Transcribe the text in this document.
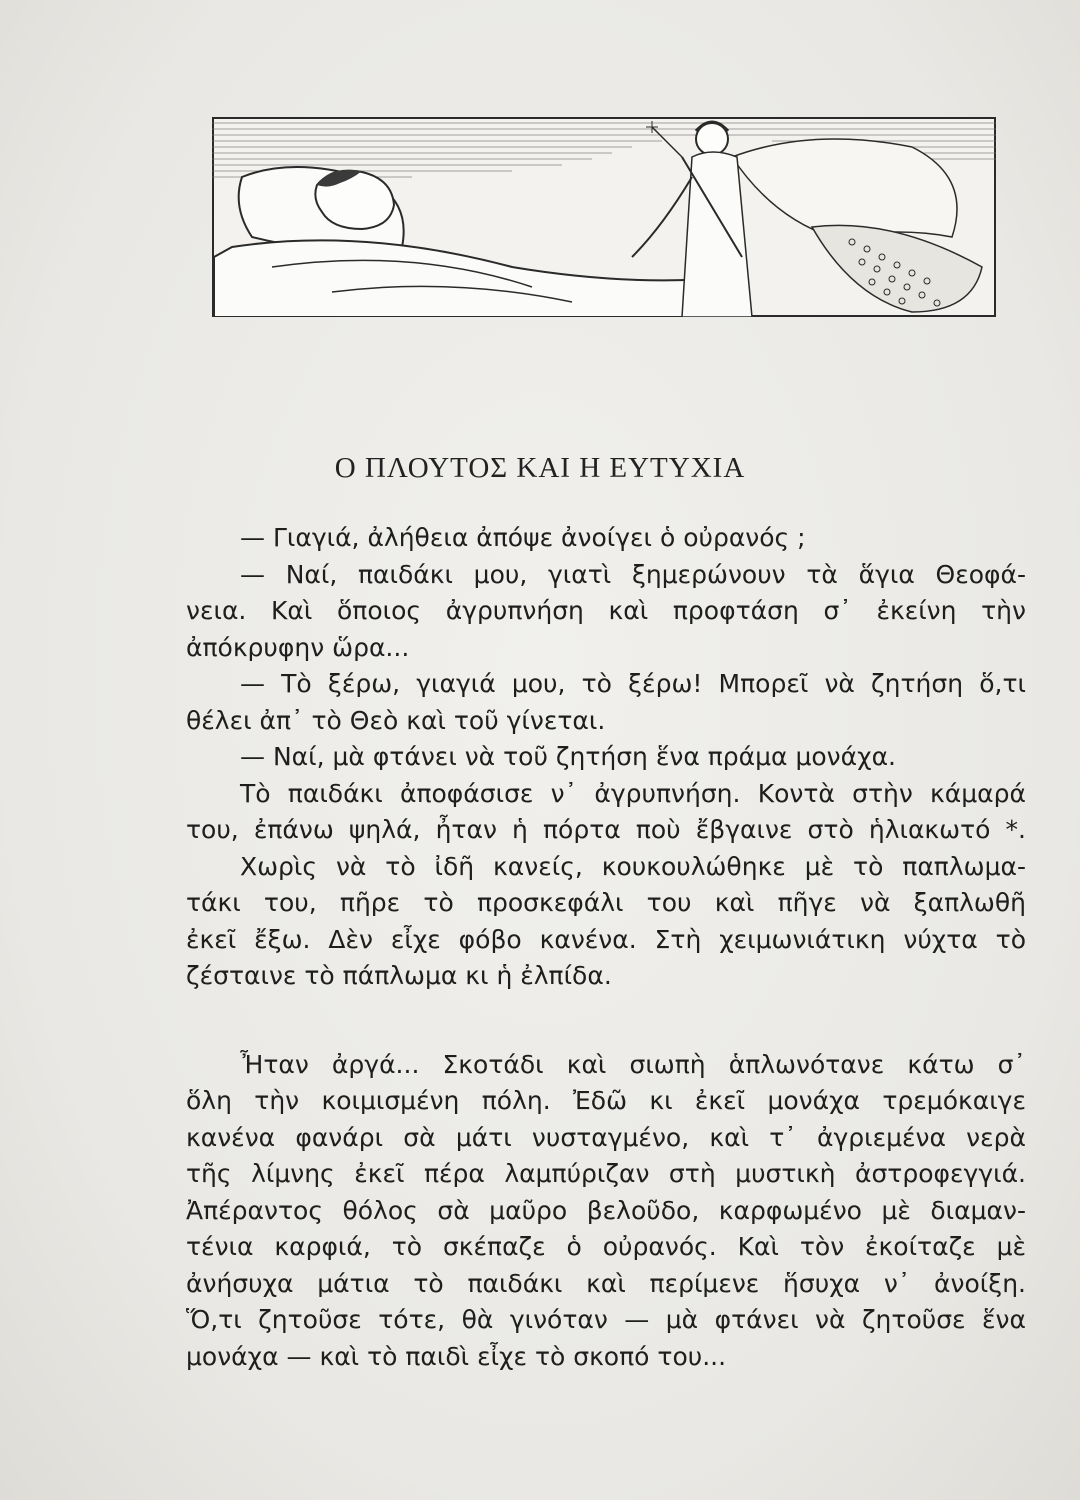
Ο ΠΛΟΥΤΟΣ ΚΑΙ Η ΕΥΤΥΧΙΑ
— Γιαγιά, ἀλήθεια ἀπόψε ἀνοίγει ὁ οὐρανός ;
— Ναί, παιδάκι μου, γιατὶ ξημερώνουν τὰ ἅγια Θεοφά-
νεια. Καὶ ὅποιος ἀγρυπνήση καὶ προφτάση σ᾿ ἐκείνη τὴν
ἀπόκρυφην ὥρα...
— Τὸ ξέρω, γιαγιά μου, τὸ ξέρω! Μπορεῖ νὰ ζητήση ὅ,τι
θέλει ἀπ᾿ τὸ Θεὸ καὶ τοῦ γίνεται.
— Ναί, μὰ φτάνει νὰ τοῦ ζητήση ἕνα πράμα μονάχα.
Τὸ παιδάκι ἀποφάσισε ν᾿ ἀγρυπνήση. Κοντὰ στὴν κάμαρά
του, ἐπάνω ψηλά, ἦταν ἡ πόρτα ποὺ ἔβγαινε στὸ ἡλιακωτό *.
Χωρὶς νὰ τὸ ἰδῆ κανείς, κουκουλώθηκε μὲ τὸ παπλωμα-
τάκι του, πῆρε τὸ προσκεφάλι του καὶ πῆγε νὰ ξαπλωθῆ
ἐκεῖ ἔξω. Δὲν εἶχε φόβο κανένα. Στὴ χειμωνιάτικη νύχτα τὸ
ζέσταινε τὸ πάπλωμα κι ἡ ἐλπίδα.
Ἦταν ἀργά... Σκοτάδι καὶ σιωπὴ ἁπλωνότανε κάτω σ᾿
ὅλη τὴν κοιμισμένη πόλη. Ἐδῶ κι ἐκεῖ μονάχα τρεμόκαιγε
κανένα φανάρι σὰ μάτι νυσταγμένο, καὶ τ᾿ ἀγριεμένα νερὰ
τῆς λίμνης ἐκεῖ πέρα λαμπύριζαν στὴ μυστικὴ ἀστροφεγγιά.
Ἀπέραντος θόλος σὰ μαῦρο βελοῦδο, καρφωμένο μὲ διαμαν-
τένια καρφιά, τὸ σκέπαζε ὁ οὐρανός. Καὶ τὸν ἐκοίταζε μὲ
ἀνήσυχα μάτια τὸ παιδάκι καὶ περίμενε ἥσυχα ν᾿ ἀνοίξη.
Ὅ,τι ζητοῦσε τότε, θὰ γινόταν — μὰ φτάνει νὰ ζητοῦσε ἕνα
μονάχα — καὶ τὸ παιδὶ εἶχε τὸ σκοπό του...
